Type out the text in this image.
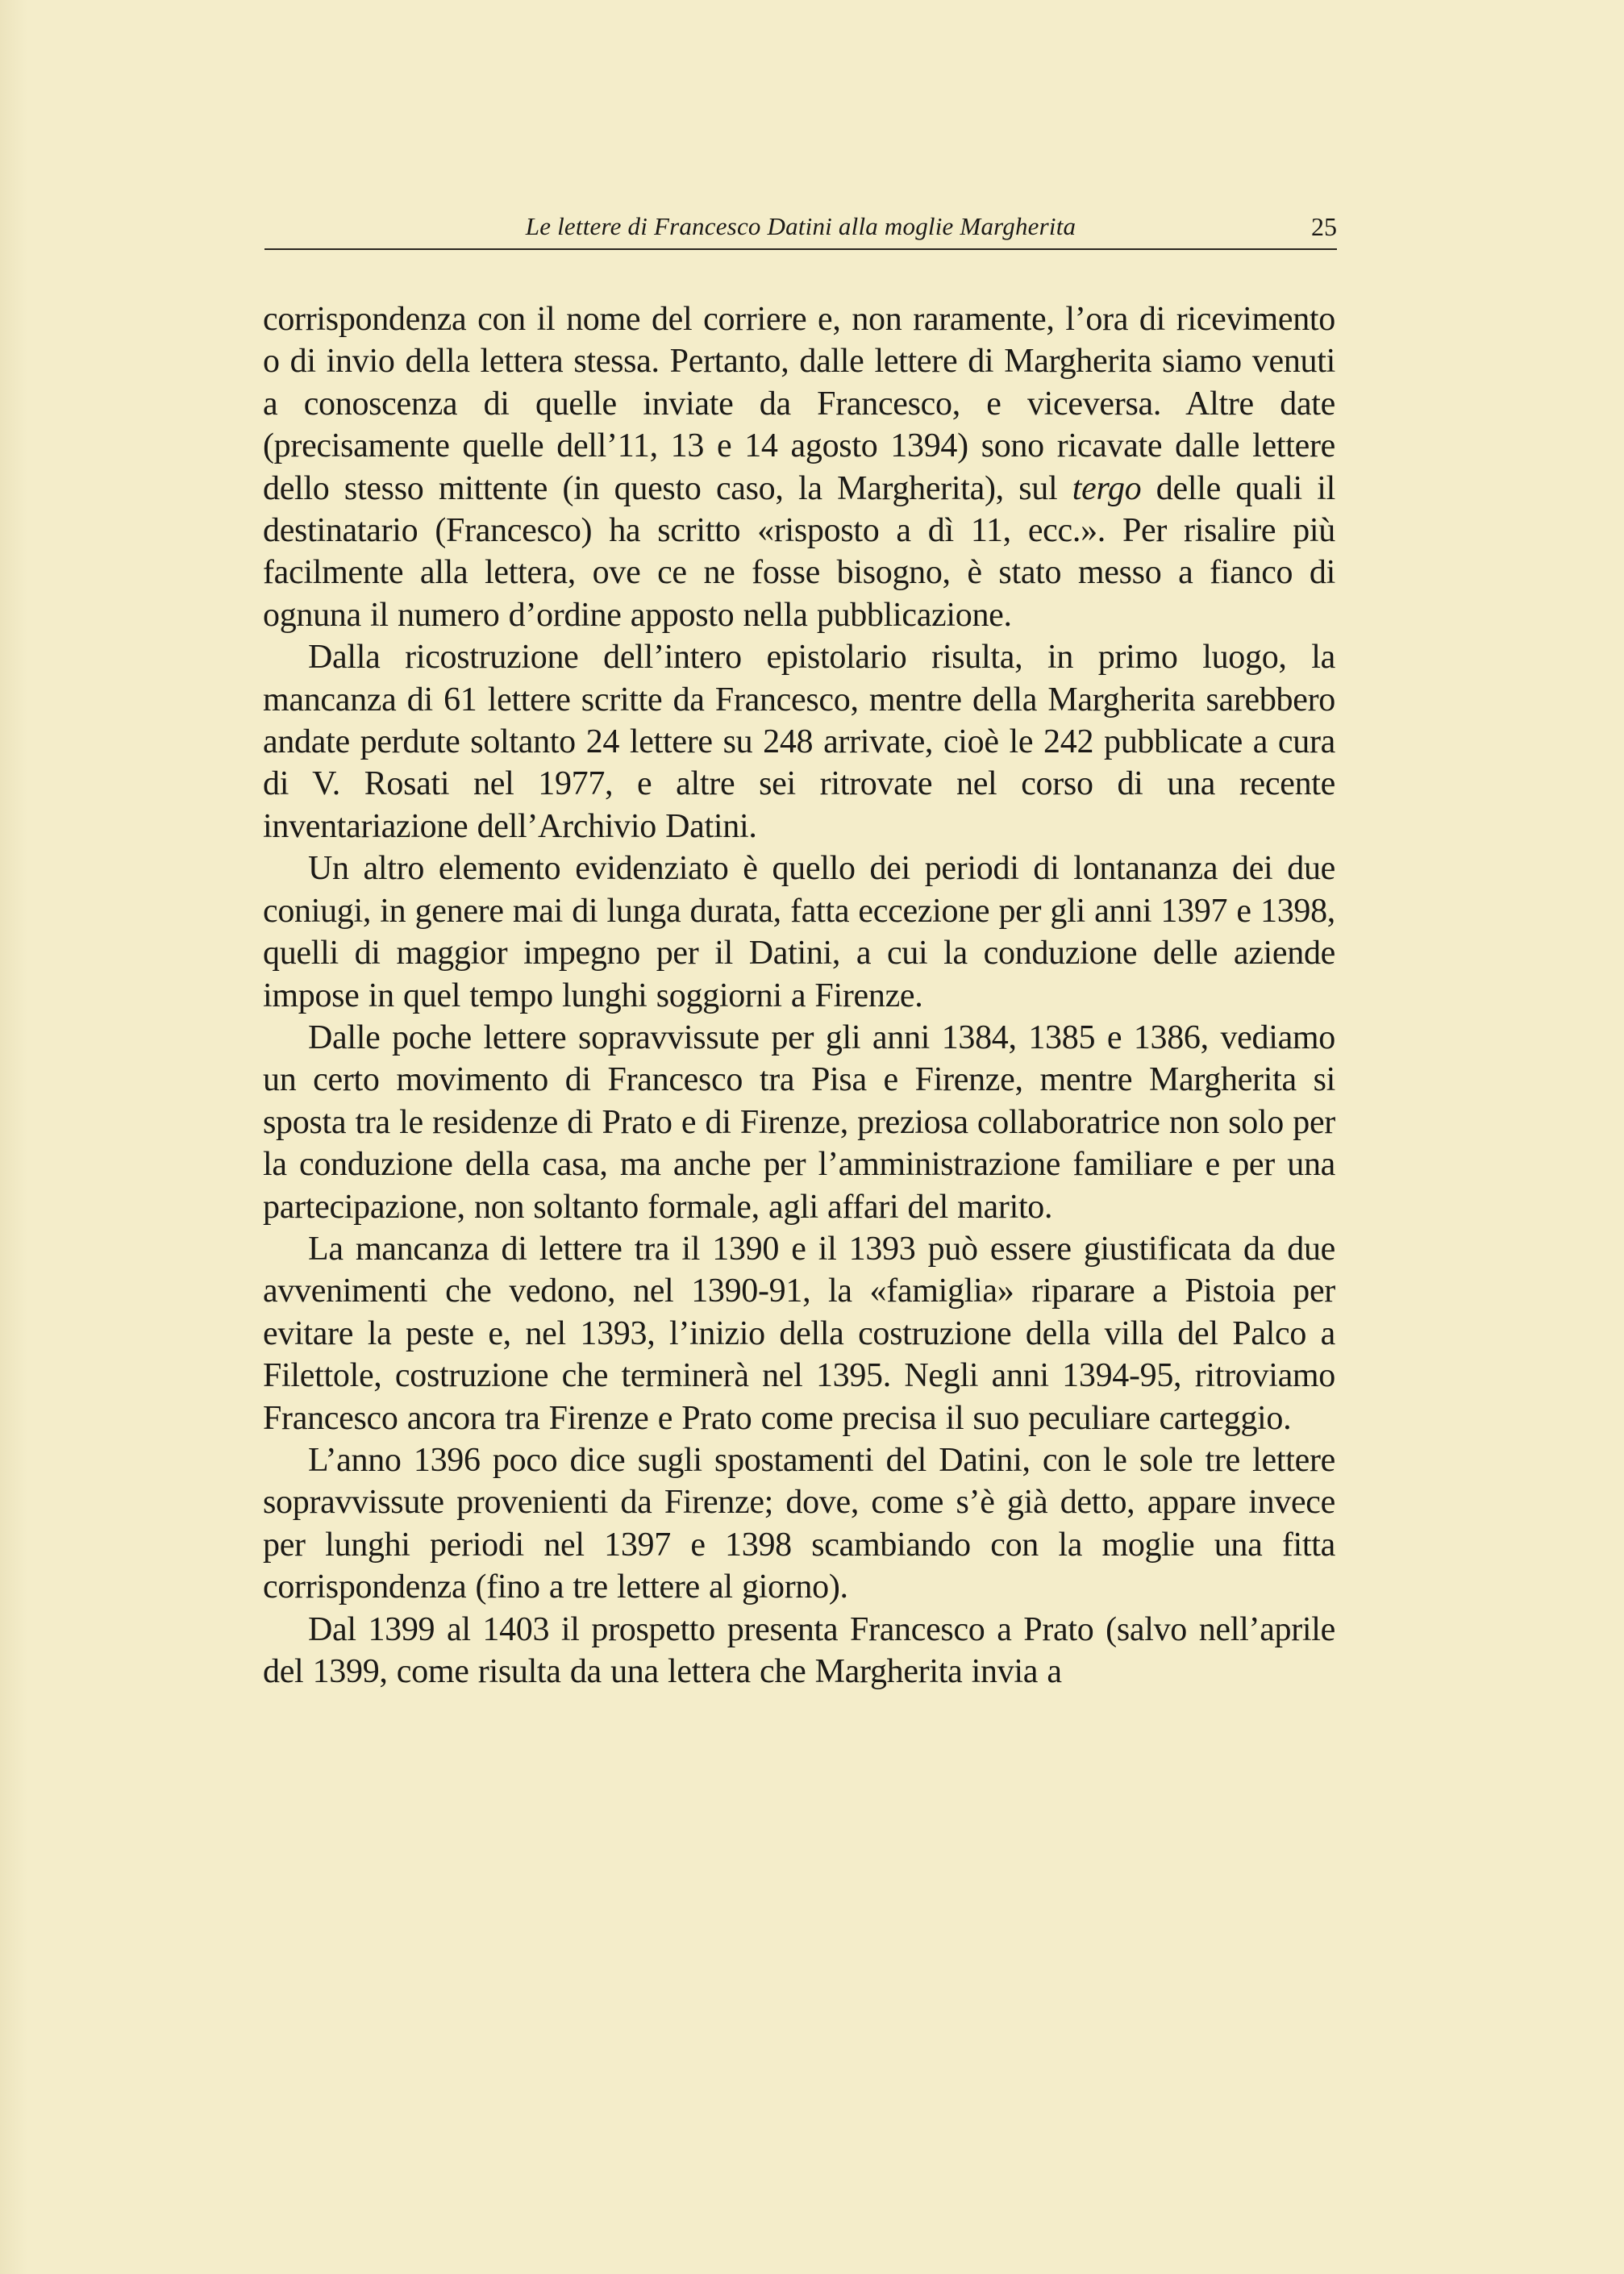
Le lettere di Francesco Datini alla moglie Margherita	25

corrispondenza con il nome del corriere e, non raramente, l’ora di ricevimento o di invio della lettera stessa. Pertanto, dalle lettere di Margherita siamo venuti a conoscenza di quelle inviate da Francesco, e viceversa. Altre date (precisamente quelle dell’11, 13 e 14 agosto 1394) sono ricavate dalle lettere dello stesso mittente (in questo caso, la Margherita), sul tergo delle quali il destinatario (Francesco) ha scritto «risposto a dì 11, ecc.». Per risalire più facilmente alla lettera, ove ce ne fosse bisogno, è stato messo a fianco di ognuna il numero d’ordine apposto nella pubblicazione.

Dalla ricostruzione dell’intero epistolario risulta, in primo luogo, la mancanza di 61 lettere scritte da Francesco, mentre della Margherita sarebbero andate perdute soltanto 24 lettere su 248 arrivate, cioè le 242 pubblicate a cura di V. Rosati nel 1977, e altre sei ritrovate nel corso di una recente inventariazione dell’Archivio Datini.

Un altro elemento evidenziato è quello dei periodi di lontananza dei due coniugi, in genere mai di lunga durata, fatta eccezione per gli anni 1397 e 1398, quelli di maggior impegno per il Datini, a cui la conduzione delle aziende impose in quel tempo lunghi soggiorni a Firenze.

Dalle poche lettere sopravvissute per gli anni 1384, 1385 e 1386, vediamo un certo movimento di Francesco tra Pisa e Firenze, mentre Margherita si sposta tra le residenze di Prato e di Firenze, preziosa collaboratrice non solo per la conduzione della casa, ma anche per l’amministrazione familiare e per una partecipazione, non soltanto formale, agli affari del marito.

La mancanza di lettere tra il 1390 e il 1393 può essere giustificata da due avvenimenti che vedono, nel 1390-91, la «famiglia» riparare a Pistoia per evitare la peste e, nel 1393, l’inizio della costruzione della villa del Palco a Filettole, costruzione che terminerà nel 1395. Negli anni 1394-95, ritroviamo Francesco ancora tra Firenze e Prato come precisa il suo peculiare carteggio.

L’anno 1396 poco dice sugli spostamenti del Datini, con le sole tre lettere sopravvissute provenienti da Firenze; dove, come s’è già detto, appare invece per lunghi periodi nel 1397 e 1398 scambiando con la moglie una fitta corrispondenza (fino a tre lettere al giorno).

Dal 1399 al 1403 il prospetto presenta Francesco a Prato (salvo nell’aprile del 1399, come risulta da una lettera che Margherita invia a
